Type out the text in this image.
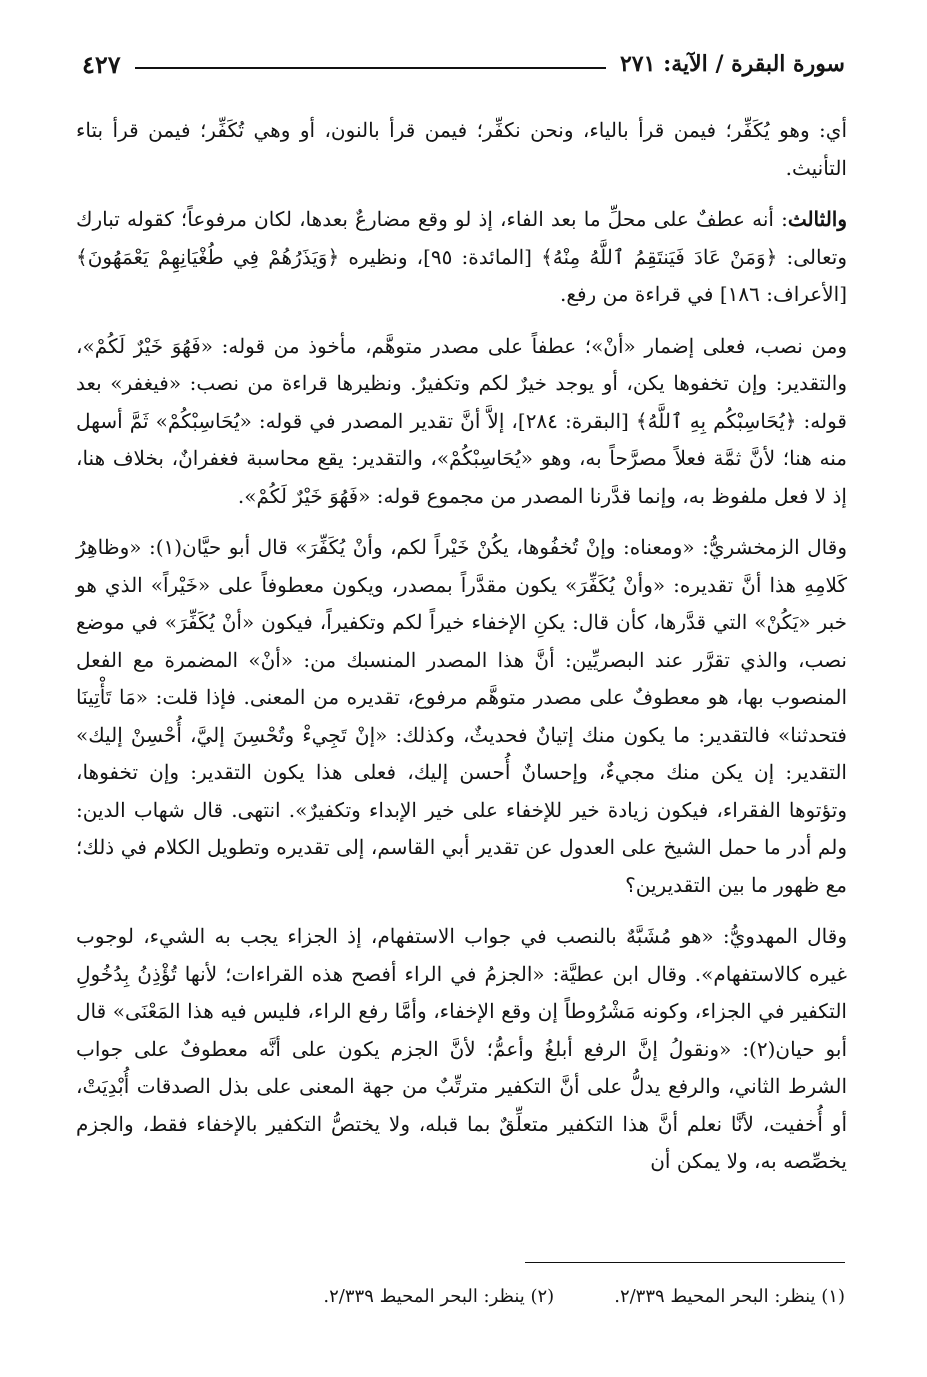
سورة البقرة / الآية: ٢٧١
٤٢٧

أي: وهو يُكَفِّر؛ فيمن قرأ بالياء، ونحن نكفِّر؛ فيمن قرأ بالنون، أو وهي تُكَفِّر؛ فيمن قرأ بتاء التأنيث.

والثالث: أنه عطفٌ على محلِّ ما بعد الفاء، إذ لو وقع مضارعٌ بعدها، لكان مرفوعاً؛ كقوله تبارك وتعالى: ﴿وَمَنْ عَادَ فَيَنتَقِمُ ٱللَّهُ مِنْهُ﴾ [المائدة: ٩٥]، ونظيره ﴿وَيَذَرُهُمْ فِي طُغْيَانِهِمْ يَعْمَهُونَ﴾ [الأعراف: ١٨٦] في قراءة من رفع.

ومن نصب، فعلى إضمار «أنْ»؛ عطفاً على مصدر متوهَّم، مأخوذ من قوله: «فَهُوَ خَيْرٌ لَكُمْ»، والتقدير: وإن تخفوها يكن، أو يوجد خيرٌ لكم وتكفيرٌ. ونظيرها قراءة من نصب: «فيغفر» بعد قوله: ﴿يُحَاسِبْكُم بِهِ ٱللَّهُ﴾ [البقرة: ٢٨٤]، إلاَّ أنَّ تقدير المصدر في قوله: «يُحَاسِبْكُمْ» ثَمَّ أسهل منه هنا؛ لأنَّ ثمَّة فعلاً مصرَّحاً به، وهو «يُحَاسِبْكُمْ»، والتقدير: يقع محاسبة فغفرانٌ، بخلاف هنا، إذ لا فعل ملفوظ به، وإنما قدَّرنا المصدر من مجموع قوله: «فَهُوَ خَيْرٌ لَكُمْ».

وقال الزمخشريُّ: «ومعناه: وإنْ تُخفُوها، يكُنْ خَيْراً لكم، وأنْ يُكَفِّرَ» قال أبو حيَّان(١): «وظاهِرُ كَلامِهِ هذا أنَّ تقديره: «وأنْ يُكَفِّرَ» يكون مقدَّراً بمصدر، ويكون معطوفاً على «خَيْراً» الذي هو خبر «يَكُنْ» التي قدَّرها، كأن قال: يكنِ الإخفاء خيراً لكم وتكفيراً، فيكون «أنْ يُكَفِّرَ» في موضع نصب، والذي تقرَّر عند البصريِّين: أنَّ هذا المصدر المنسبك من: «أنْ» المضمرة مع الفعل المنصوب بها، هو معطوفٌ على مصدر متوهَّم مرفوع، تقديره من المعنى. فإذا قلت: «مَا تَأْتِينَا فتحدثنا» فالتقدير: ما يكون منك إتيانٌ فحديثٌ، وكذلك: «إنْ تَجِيءْ وتُحْسِنَ إليَّ، أُحْسِنْ إليك» التقدير: إن يكن منك مجيءٌ، وإحسانٌ أُحسن إليك، فعلى هذا يكون التقدير: وإن تخفوها، وتؤتوها الفقراء، فيكون زيادة خير للإخفاء على خير الإبداء وتكفيرٌ». انتهى. قال شهاب الدين: ولم أدر ما حمل الشيخ على العدول عن تقدير أبي القاسم، إلى تقديره وتطويل الكلام في ذلك؛ مع ظهور ما بين التقديرين؟

وقال المهدويُّ: «هو مُشَبَّهٌ بالنصب في جواب الاستفهام، إذ الجزاء يجب به الشيء، لوجوب غيره كالاستفهام». وقال ابن عطيَّة: «الجزمُ في الراء أفصح هذه القراءات؛ لأنها تُؤْذِنُ بِدُخُولِ التكفير في الجزاء، وكونه مَشْرُوطاً إن وقع الإخفاء، وأمَّا رفع الراء، فليس فيه هذا المَعْنَى» قال أبو حيان(٢): «ونقولُ إنَّ الرفع أبلغُ وأعمُّ؛ لأنَّ الجزم يكون على أنَّه معطوفٌ على جواب الشرط الثاني، والرفع يدلُّ على أنَّ التكفير مترتِّبٌ من جهة المعنى على بذل الصدقات أُبْدِيَتْ، أو أُخفيت، لأنَّا نعلم أنَّ هذا التكفير متعلِّقٌ بما قبله، ولا يختصُّ التكفير بالإخفاء فقط، والجزم يخصِّصه به، ولا يمكن أن

(١) ينظر: البحر المحيط ٢/٣٣٩.
(٢) ينظر: البحر المحيط ٢/٣٣٩.
